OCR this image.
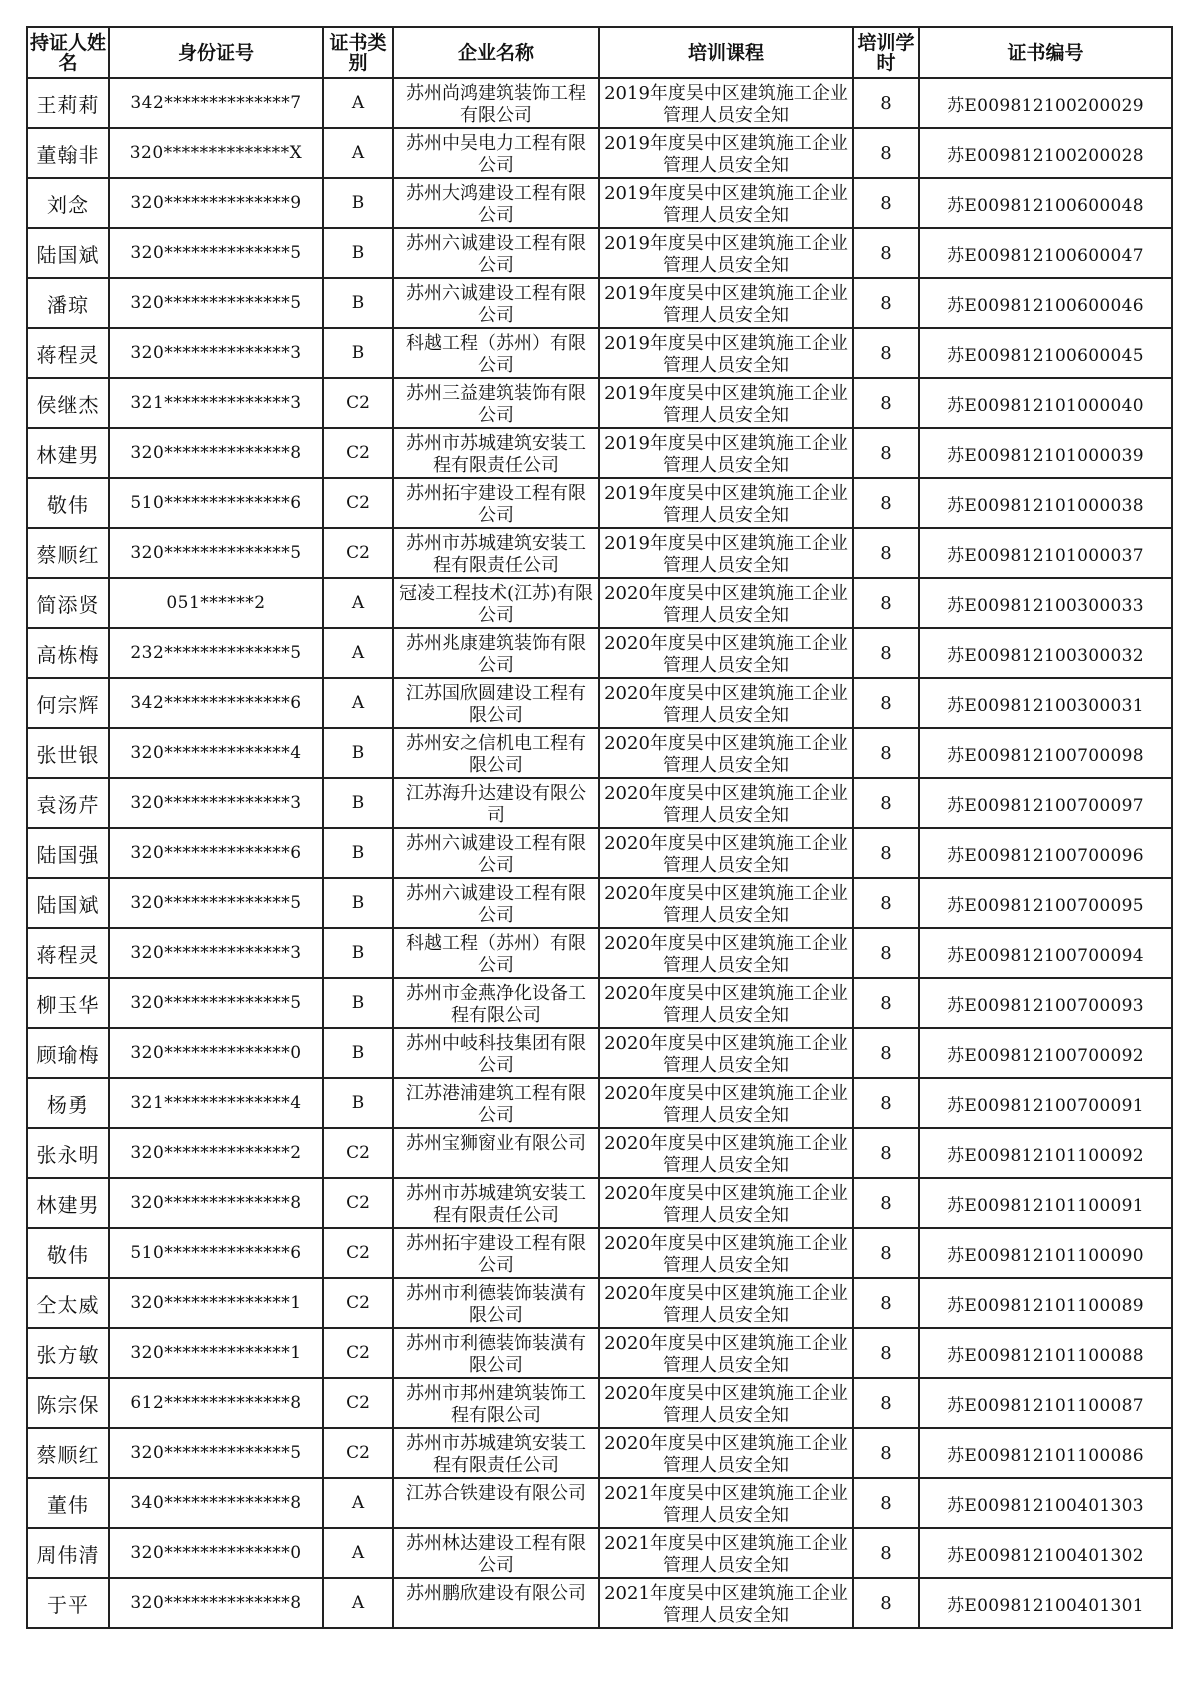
持证人姓名	身份证号	证书类别	企业名称	培训课程	培训学时	证书编号
王莉莉	342**************7	A	苏州尚鸿建筑装饰工程有限公司	2019年度吴中区建筑施工企业管理人员安全知	8	苏E009812100200029
董翰非	320**************X	A	苏州中吴电力工程有限公司	2019年度吴中区建筑施工企业管理人员安全知	8	苏E009812100200028
刘念	320**************9	B	苏州大鸿建设工程有限公司	2019年度吴中区建筑施工企业管理人员安全知	8	苏E009812100600048
陆国斌	320**************5	B	苏州六诚建设工程有限公司	2019年度吴中区建筑施工企业管理人员安全知	8	苏E009812100600047
潘琼	320**************5	B	苏州六诚建设工程有限公司	2019年度吴中区建筑施工企业管理人员安全知	8	苏E009812100600046
蒋程灵	320**************3	B	科越工程（苏州）有限公司	2019年度吴中区建筑施工企业管理人员安全知	8	苏E009812100600045
侯继杰	321**************3	C2	苏州三益建筑装饰有限公司	2019年度吴中区建筑施工企业管理人员安全知	8	苏E009812101000040
林建男	320**************8	C2	苏州市苏城建筑安装工程有限责任公司	2019年度吴中区建筑施工企业管理人员安全知	8	苏E009812101000039
敬伟	510**************6	C2	苏州拓宇建设工程有限公司	2019年度吴中区建筑施工企业管理人员安全知	8	苏E009812101000038
蔡顺红	320**************5	C2	苏州市苏城建筑安装工程有限责任公司	2019年度吴中区建筑施工企业管理人员安全知	8	苏E009812101000037
简添贤	051******2	A	冠凌工程技术(江苏)有限公司	2020年度吴中区建筑施工企业管理人员安全知	8	苏E009812100300033
高栋梅	232**************5	A	苏州兆康建筑装饰有限公司	2020年度吴中区建筑施工企业管理人员安全知	8	苏E009812100300032
何宗辉	342**************6	A	江苏国欣圆建设工程有限公司	2020年度吴中区建筑施工企业管理人员安全知	8	苏E009812100300031
张世银	320**************4	B	苏州安之信机电工程有限公司	2020年度吴中区建筑施工企业管理人员安全知	8	苏E009812100700098
袁汤芹	320**************3	B	江苏海升达建设有限公司	2020年度吴中区建筑施工企业管理人员安全知	8	苏E009812100700097
陆国强	320**************6	B	苏州六诚建设工程有限公司	2020年度吴中区建筑施工企业管理人员安全知	8	苏E009812100700096
陆国斌	320**************5	B	苏州六诚建设工程有限公司	2020年度吴中区建筑施工企业管理人员安全知	8	苏E009812100700095
蒋程灵	320**************3	B	科越工程（苏州）有限公司	2020年度吴中区建筑施工企业管理人员安全知	8	苏E009812100700094
柳玉华	320**************5	B	苏州市金燕净化设备工程有限公司	2020年度吴中区建筑施工企业管理人员安全知	8	苏E009812100700093
顾瑜梅	320**************0	B	苏州中岐科技集团有限公司	2020年度吴中区建筑施工企业管理人员安全知	8	苏E009812100700092
杨勇	321**************4	B	江苏港浦建筑工程有限公司	2020年度吴中区建筑施工企业管理人员安全知	8	苏E009812100700091
张永明	320**************2	C2	苏州宝狮窗业有限公司	2020年度吴中区建筑施工企业管理人员安全知	8	苏E009812101100092
林建男	320**************8	C2	苏州市苏城建筑安装工程有限责任公司	2020年度吴中区建筑施工企业管理人员安全知	8	苏E009812101100091
敬伟	510**************6	C2	苏州拓宇建设工程有限公司	2020年度吴中区建筑施工企业管理人员安全知	8	苏E009812101100090
仝太威	320**************1	C2	苏州市利德装饰装潢有限公司	2020年度吴中区建筑施工企业管理人员安全知	8	苏E009812101100089
张方敏	320**************1	C2	苏州市利德装饰装潢有限公司	2020年度吴中区建筑施工企业管理人员安全知	8	苏E009812101100088
陈宗保	612**************8	C2	苏州市邦州建筑装饰工程有限公司	2020年度吴中区建筑施工企业管理人员安全知	8	苏E009812101100087
蔡顺红	320**************5	C2	苏州市苏城建筑安装工程有限责任公司	2020年度吴中区建筑施工企业管理人员安全知	8	苏E009812101100086
董伟	340**************8	A	江苏合铁建设有限公司	2021年度吴中区建筑施工企业管理人员安全知	8	苏E009812100401303
周伟清	320**************0	A	苏州林达建设工程有限公司	2021年度吴中区建筑施工企业管理人员安全知	8	苏E009812100401302
于平	320**************8	A	苏州鹏欣建设有限公司	2021年度吴中区建筑施工企业管理人员安全知	8	苏E009812100401301
